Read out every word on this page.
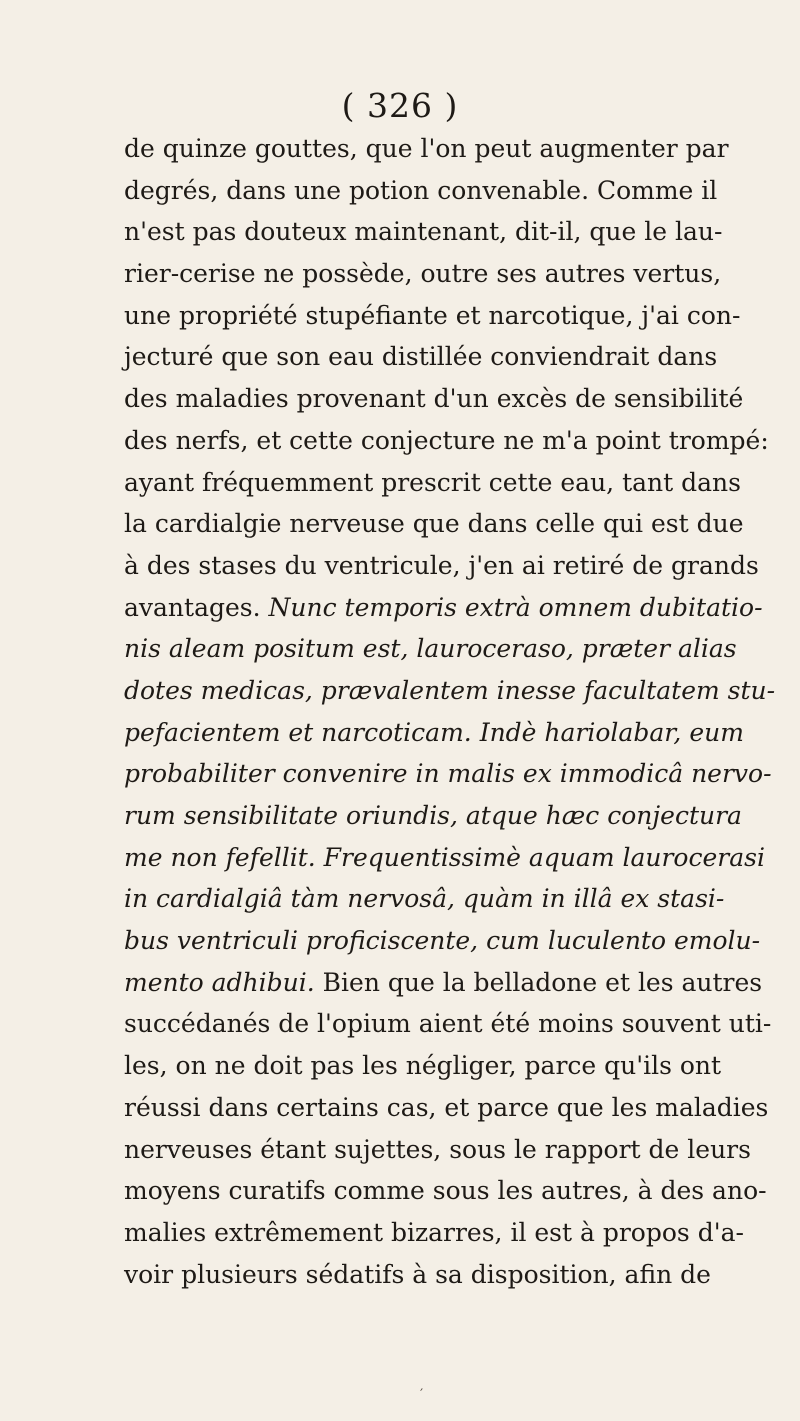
( 326 )
de quinze gouttes, que l'on peut augmenter par
degrés, dans une potion convenable. Comme il
n'est pas douteux maintenant, dit-il, que le lau-
rier-cerise ne possède, outre ses autres vertus,
une propriété stupéfiante et narcotique, j'ai con-
jecturé que son eau distillée conviendrait dans
des maladies provenant d'un excès de sensibilité
des nerfs, et cette conjecture ne m'a point trompé:
ayant fréquemment prescrit cette eau, tant dans
la cardialgie nerveuse que dans celle qui est due
à des stases du ventricule, j'en ai retiré de grands
avantages. Nunc temporis extrà omnem dubitatio-
nis aleam positum est, lauroceraso, præter alias
dotes medicas, prævalentem inesse facultatem stu-
pefacientem et narcoticam. Indè hariolabar, eum
probabiliter convenire in malis ex immodicâ nervo-
rum sensibilitate oriundis, atque hæc conjectura
me non fefellit. Frequentissimè aquam laurocerasi
in cardialgiâ tàm nervosâ, quàm in illâ ex stasi-
bus ventriculi proficiscente, cum luculento emolu-
mento adhibui. Bien que la belladone et les autres
succédanés de l'opium aient été moins souvent uti-
les, on ne doit pas les négliger, parce qu'ils ont
réussi dans certains cas, et parce que les maladies
nerveuses étant sujettes, sous le rapport de leurs
moyens curatifs comme sous les autres, à des ano-
malies extrêmement bizarres, il est à propos d'a-
voir plusieurs sédatifs à sa disposition, afin de
′
